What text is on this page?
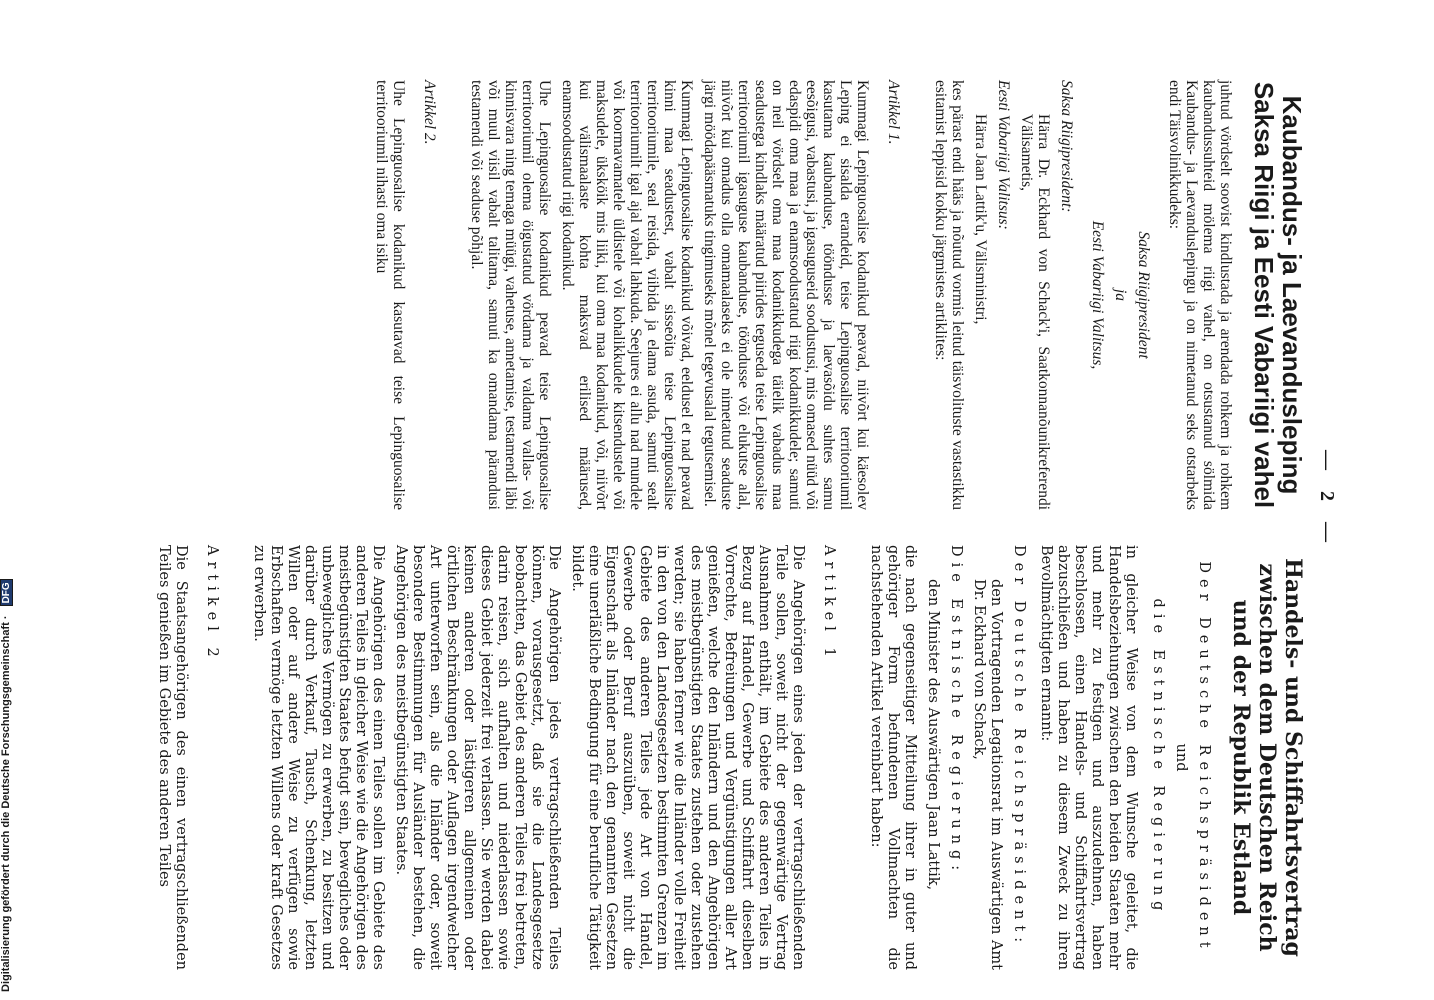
— 2 —
Kaubandus- ja Laevandusleping Saksa Riigi ja Eesti Vabariigi vahel

juhtud vördselt soovist kindlustada ja arendada rohkem ja rohkem kaubandussuhteid mölema riigi vahel, on otsustanud sölmida Kaubandus- ja Laevanduslepingu ja on nimetanud seks otstarbeks endi Täisvolinikkudeks:

Saksa Riigipresident

ja

Eesti Vabariigi Valitsus,

Saksa Riigipresident:

Härra Dr. Eckhard von Schack'i, Saatkonnanõunikreferendi Välisametis,

Eesti Vabariigi Valitsus:

Härra Jaan Lattik'u, Välisministri,

kes pärast endi hääs ja nõutud vormis leitud täisvolituste vastastikku esitamist leppisid kokku järgmistes artiklites:

Artikkel 1.

Kummagi Lepinguosalise kodanikud peavad, niivõrt kui käesolev Leping ei sisalda erandeid, teise Lepinguosalise territooriumil kasutama kaubanduse, tööndusse ja laevasõidu suhtes samu eesõigusi, vabastusi, ja igasuguseid soodustusi, mis omased nüüd või edaspidi oma maa ja enamsoodustatud riigi kodanikkudele; samuti on neil vördselt oma maa kodanikkudega täielik vabadus maa seadustega kindlaks määratud piirides teguseda teise Lepinguosalise territooriumil igasuguse kaubanduse, tööndusse või elukutse alal, niivõrt kui omadus olla omamaalaseks ei ole nimetatud seaduste järgi möödapääsmatuks tingimuseks mõnel tegevusalal tegutsemisel.

Kummagi Lepinguosalise kodanikud võivad, eeldusel et nad peavad kinni maa seadustest, vabalt sisseõita teise Lepinguosalise territooriumile, seal reisida, viibida ja elama asuda, samuti sealt territooriumilt igal ajal vabalt lahkuda. Seejures ei allu nad mundele või koormavamatele üldistele või kohalikkudele kitsendustele või maksudele, üksköik mis liiki, kui oma maa kodanikud, või, niivõrt kui välismaalaste kohta maksvad erilised määrused, enamsoodustatud riigi kodanikud.

Uhe Lepinguosalise kodanikud peavad teise Lepinguosalise territooriumil olema öigustatud vördama ja valdama vallas- või kinnisvara ning temaga müügi, vahetuse, annetamise, testamendi läbi või muul viisil vabalt talitama, samuti ka omandama pärandusi testamendi või seaduse põhjal.

Artikkel 2.

Uhe Lepinguosalise kodanikud kasutavad teise Lepinguosalise territooriumil nihasti oma isiku

Handels- und Schiffahrtsvertrag zwischen dem Deutschen Reich und der Republik Estland

Der Deutsche Reichspräsident

und

die Estnische Regierung

in gleicher Weise von dem Wunsche geleitet, die Handelsbeziehungen zwischen den beiden Staaten mehr und mehr zu festigen und auszudehnen, haben beschlossen, einen Handels- und Schiffahrtsvertrag abzuschließen und haben zu diesem Zweck zu ihren Bevollmächtigten ernannt:

Der Deutsche Reichspräsident:

den Vortragenden Legationsrat im Auswärtigen Amt Dr. Eckhard von Schack,

Die Estnische Regierung:

den Minister des Auswärtigen Jaan Lattik,

die nach gegenseitiger Mitteilung ihrer in guter und gehöriger Form befundenen Vollmachten die nachstehenden Artikel vereinbart haben:

Artikel 1

Die Angehörigen eines jeden der vertragschließenden Teile sollen, soweit nicht der gegenwärtige Vertrag Ausnahmen enthält, im Gebiete des anderen Teiles in Bezug auf Handel, Gewerbe und Schiffahrt dieselben Vorrechte, Befreiungen und Vergünstigungen aller Art genießen, welche den Inländern und den Angehörigen des meistbegünstigten Staates zustehen oder zustehen werden; sie haben ferner wie die Inländer volle Freiheit in den von den Landesgesetzen bestimmten Grenzen im Gebiete des anderen Teiles jede Art von Handel, Gewerbe oder Beruf auszuüben, soweit nicht die Eigenschaft als Inländer nach den genannten Gesetzen eine unerläßliche Bedingung für eine berufliche Tätigkeit bildet.

Die Angehörigen jedes vertragschließenden Teiles können, vorausgesetzt, daß sie die Landesgesetze beobachten, das Gebiet des anderen Teiles frei betreten, darin reisen, sich aufhalten und niederlassen sowie dieses Gebiet jederzeit frei verlassen. Sie werden dabei keinen anderen oder lästigeren allgemeinen oder örtlichen Beschränkungen oder Auflagen irgendwelcher Art unterworfen sein, als die Inländer oder, soweit besondere Bestimmungen für Ausländer bestehen, die Angehörigen des meistbegünstigten Staates.

Die Angehörigen des einen Teiles sollen im Gebiete des anderen Teiles in gleicher Weise wie die Angehörigen des meistbegünstigten Staates befugt sein, bewegliches oder unbewegliches Vermögen zu erwerben, zu besitzen und darüber durch Verkauf, Tausch, Schenkung, letzten Willen oder auf andere Weise zu verfügen sowie Erbschaften vermöge letzten Willens oder kraft Gesetzes zu erwerben.

Artikel 2

Die Staatsangehörigen des einen vertragschließenden Teiles genießen im Gebiete des anderen Teiles

Digitalisierung gefördert durch die Deutsche Forschungsgemeinschaft · DFG
